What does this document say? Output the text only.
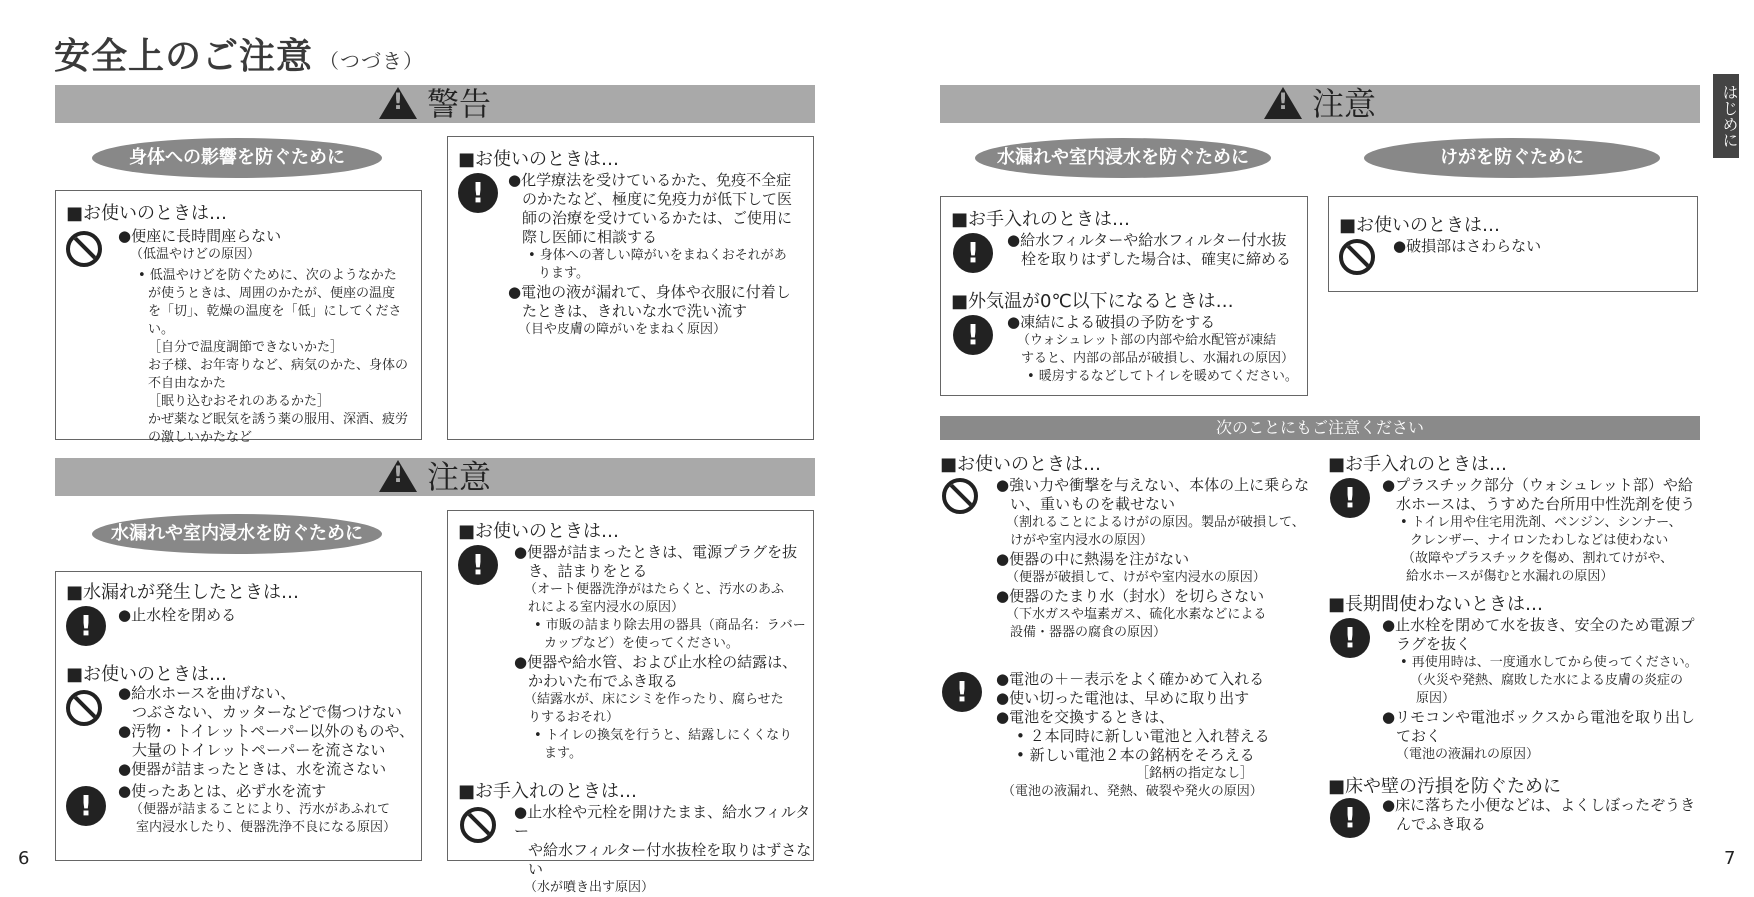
安全上のご注意 （つづき）
はじめに
!警告
身体への影響を防ぐために
■お使いのときは…
●便座に長時間座らない
（低温やけどの原因）
• 低温やけどを防ぐために、次のようなかた
が使うときは、周囲のかたが、便座の温度
を「切」、乾燥の温度を「低」にしてください。
［自分で温度調節できないかた］
お子様、お年寄りなど、病気のかた、身体の
不自由なかた
［眠り込むおそれのあるかた］
かぜ薬など眠気を誘う薬の服用、深酒、疲労
の激しいかたなど
■お使いのときは…
!	●化学療法を受けているかた、免疫不全症
のかたなど、極度に免疫力が低下して医
師の治療を受けているかたは、ご使用に
際し医師に相談する
• 身体への著しい障がいをまねくおそれがあ
ります。
●電池の液が漏れて、身体や衣服に付着し
たときは、きれいな水で洗い流す
（目や皮膚の障がいをまねく原因）
!注意
水漏れや室内浸水を防ぐために
■水漏れが発生したときは…
!	●止水栓を閉める
■お使いのときは…
●給水ホースを曲げない、
つぶさない、カッターなどで傷つけない
●汚物・トイレットペーパー以外のものや、
大量のトイレットペーパーを流さない
●便器が詰まったときは、水を流さない
!	●使ったあとは、必ず水を流す
（便器が詰まることにより、汚水があふれて
室内浸水したり、便器洗浄不良になる原因）
■お使いのときは…
!	●便器が詰まったときは、電源プラグを抜
き、詰まりをとる
（オート便器洗浄がはたらくと、汚水のあふ
れによる室内浸水の原因）
• 市販の詰まり除去用の器具（商品名：ラバー
カップなど）を使ってください。
●便器や給水管、および止水栓の結露は、
かわいた布でふき取る
（結露水が、床にシミを作ったり、腐らせた
りするおそれ）
• トイレの換気を行うと、結露しにくくなり
ます。
■お手入れのときは…
●止水栓や元栓を開けたまま、給水フィルター
や給水フィルター付水抜栓を取りはずさない
（水が噴き出す原因）
6
!注意
水漏れや室内浸水を防ぐために	けがを防ぐために
■お手入れのときは…
!	●給水フィルターや給水フィルター付水抜
栓を取りはずした場合は、確実に締める
■外気温が0℃以下になるときは…
!	●凍結による破損の予防をする
（ウォシュレット部の内部や給水配管が凍結
すると、内部の部品が破損し、水漏れの原因）
• 暖房するなどしてトイレを暖めてください。
■お使いのときは…
●破損部はさわらない
次のことにもご注意ください
■お使いのときは…
●強い力や衝撃を与えない、本体の上に乗らな
い、重いものを載せない
（割れることによるけがの原因。製品が破損して、
けがや室内浸水の原因）
●便器の中に熱湯を注がない
（便器が破損して、けがや室内浸水の原因）
●便器のたまり水（封水）を切らさない
（下水ガスや塩素ガス、硫化水素などによる
設備・器器の腐食の原因）
!	●電池の＋－表示をよく確かめて入れる
●使い切った電池は、早めに取り出す
●電池を交換するときは、
• ２本同時に新しい電池と入れ替える
• 新しい電池２本の銘柄をそろえる
［銘柄の指定なし］
（電池の液漏れ、発熱、破裂や発火の原因）
■お手入れのときは…
!	●プラスチック部分（ウォシュレット部）や給
水ホースは、うすめた台所用中性洗剤を使う
• トイレ用や住宅用洗剤、ベンジン、シンナー、
クレンザー、ナイロンたわしなどは使わない
（故障やプラスチックを傷め、割れてけがや、
給水ホースが傷むと水漏れの原因）
■長期間使わないときは…
!	●止水栓を閉めて水を抜き、安全のため電源プ
ラグを抜く
• 再使用時は、一度通水してから使ってください。
（火災や発熱、腐敗した水による皮膚の炎症の
原因）
●リモコンや電池ボックスから電池を取り出し
ておく
（電池の液漏れの原因）
■床や壁の汚損を防ぐために
!	●床に落ちた小便などは、よくしぼったぞうき
んでふき取る
7
